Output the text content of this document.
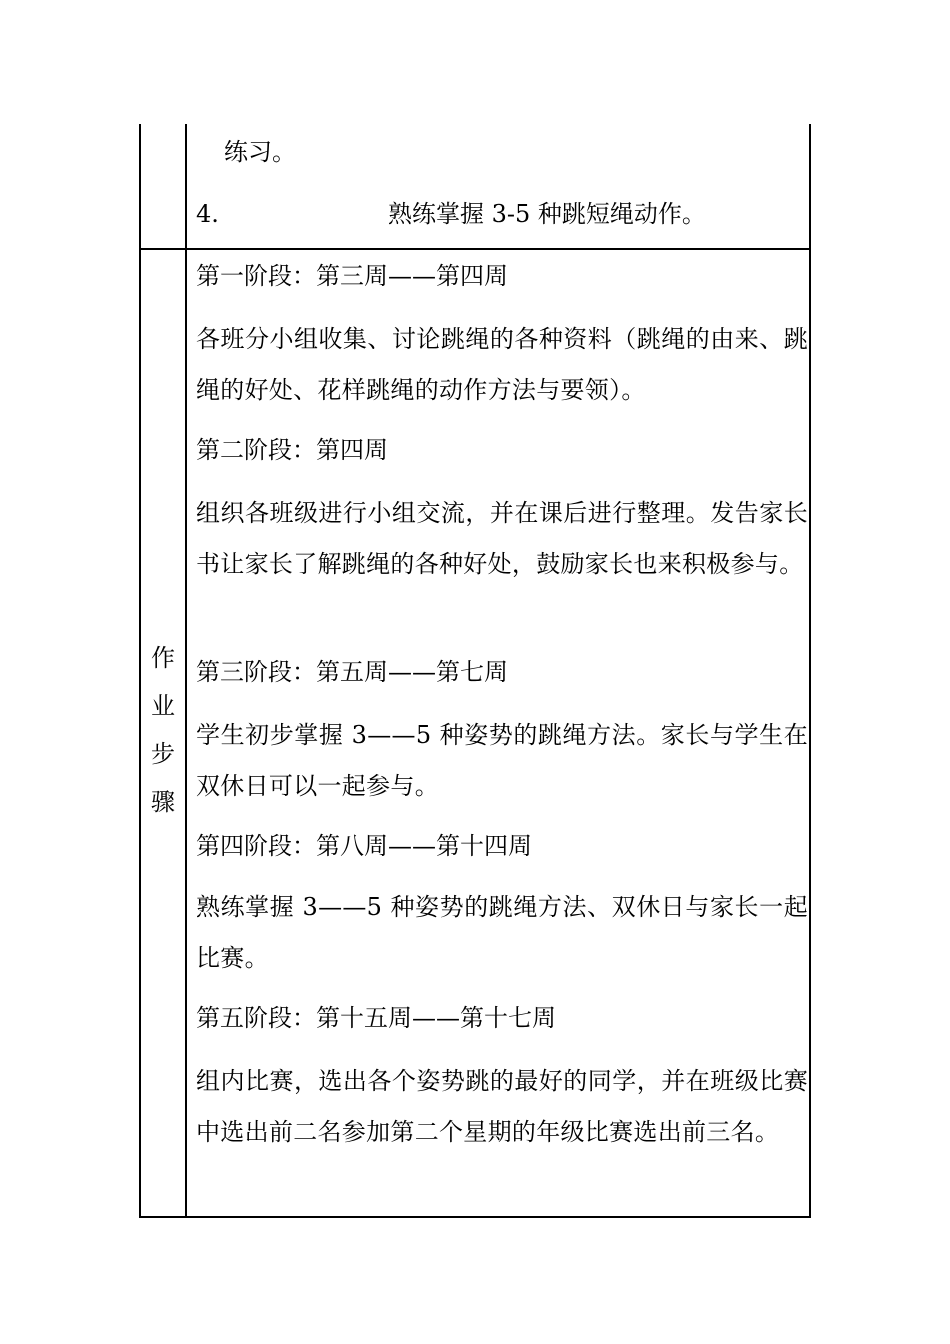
练习。
4.	熟练掌握 3-5 种跳短绳动作。
作
业
步
骤
第一阶段：第三周——第四周
各班分小组收集、讨论跳绳的各种资料（跳绳的由来、跳绳的好处、花样跳绳的动作方法与要领）。
第二阶段：第四周
组织各班级进行小组交流，并在课后进行整理。发告家长书让家长了解跳绳的各种好处，鼓励家长也来积极参与。
第三阶段：第五周——第七周
学生初步掌握 3——5 种姿势的跳绳方法。家长与学生在双休日可以一起参与。
第四阶段：第八周——第十四周
熟练掌握 3——5 种姿势的跳绳方法、双休日与家长一起比赛。
第五阶段：第十五周——第十七周
组内比赛，选出各个姿势跳的最好的同学，并在班级比赛中选出前二名参加第二个星期的年级比赛选出前三名。
